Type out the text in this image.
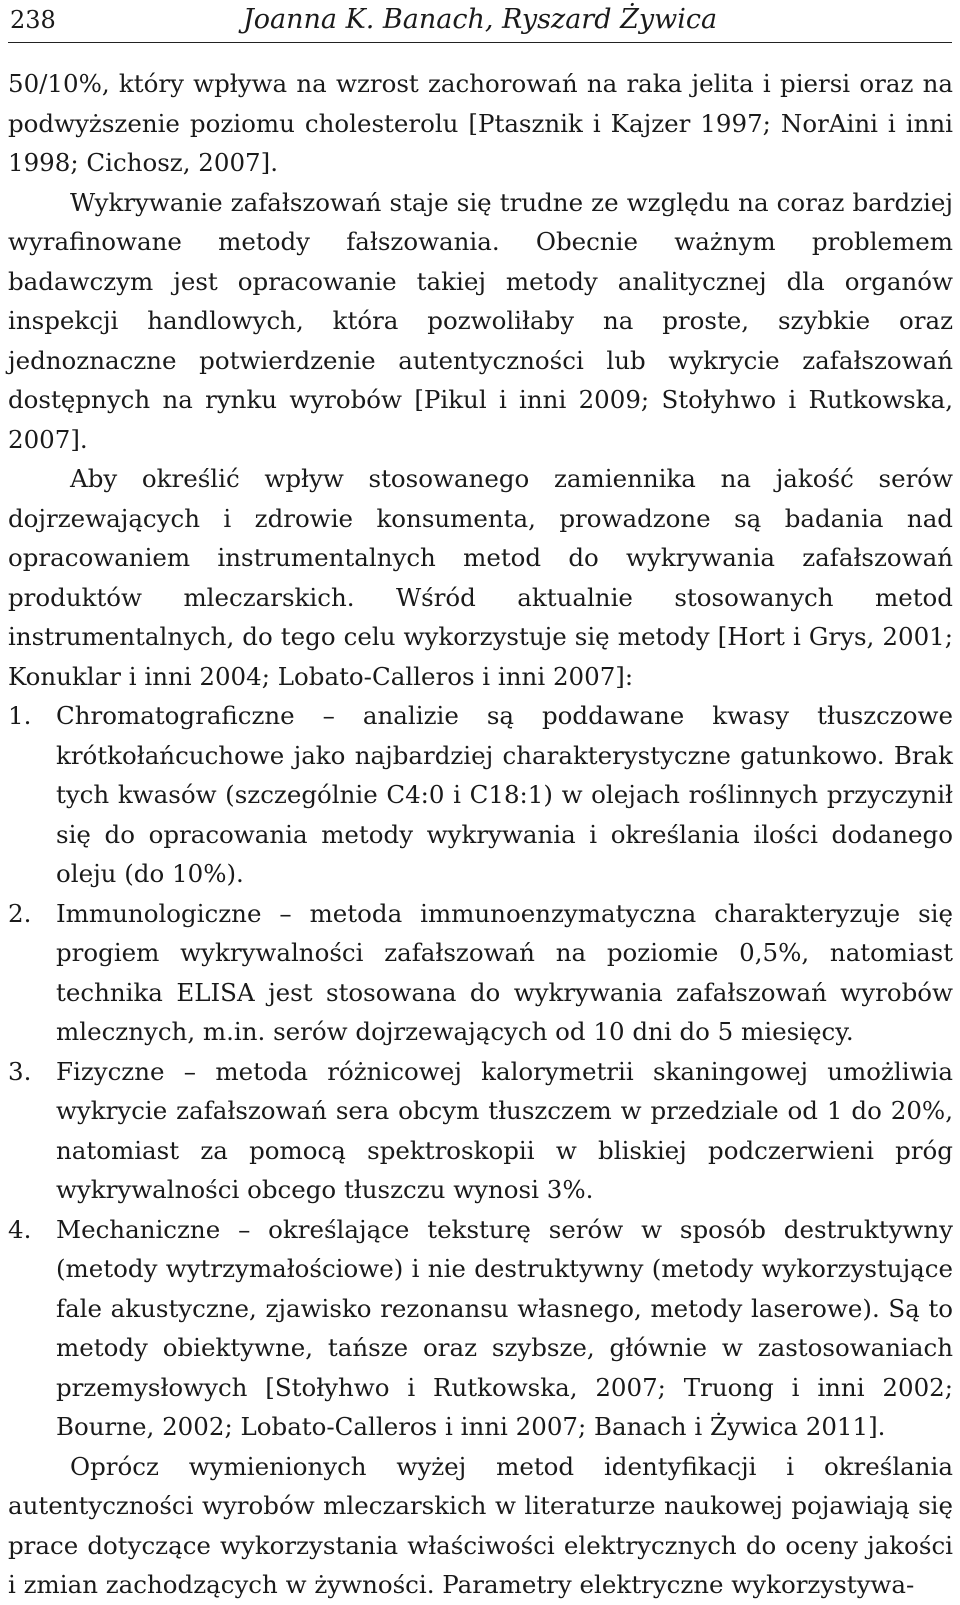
238	Joanna K. Banach, Ryszard Żywica

50/10%, który wpływa na wzrost zachorowań na raka jelita i piersi oraz na podwyższenie poziomu cholesterolu [Ptasznik i Kajzer 1997; NorAini i inni 1998; Cichosz, 2007].

Wykrywanie zafałszowań staje się trudne ze względu na coraz bardziej wyrafinowane metody fałszowania. Obecnie ważnym problemem badawczym jest opracowanie takiej metody analitycznej dla organów inspekcji handlowych, która pozwoliłaby na proste, szybkie oraz jednoznaczne potwierdzenie autentyczności lub wykrycie zafałszowań dostępnych na rynku wyrobów [Pikul i inni 2009; Stołyhwo i Rutkowska, 2007].

Aby określić wpływ stosowanego zamiennika na jakość serów dojrzewających i zdrowie konsumenta, prowadzone są badania nad opracowaniem instrumentalnych metod do wykrywania zafałszowań produktów mleczarskich. Wśród aktualnie stosowanych metod instrumentalnych, do tego celu wykorzystuje się metody [Hort i Grys, 2001; Konuklar i inni 2004; Lobato-Calleros i inni 2007]:

1. Chromatograficzne – analizie są poddawane kwasy tłuszczowe krótkołańcuchowe jako najbardziej charakterystyczne gatunkowo. Brak tych kwasów (szczególnie C4:0 i C18:1) w olejach roślinnych przyczynił się do opracowania metody wykrywania i określania ilości dodanego oleju (do 10%).
2. Immunologiczne – metoda immunoenzymatyczna charakteryzuje się progiem wykrywalności zafałszowań na poziomie 0,5%, natomiast technika ELISA jest stosowana do wykrywania zafałszowań wyrobów mlecznych, m.in. serów dojrzewających od 10 dni do 5 miesięcy.
3. Fizyczne – metoda różnicowej kalorymetrii skaningowej umożliwia wykrycie zafałszowań sera obcym tłuszczem w przedziale od 1 do 20%, natomiast za pomocą spektroskopii w bliskiej podczerwieni próg wykrywalności obcego tłuszczu wynosi 3%.
4. Mechaniczne – określające teksturę serów w sposób destruktywny (metody wytrzymałościowe) i nie destruktywny (metody wykorzystujące fale akustyczne, zjawisko rezonansu własnego, metody laserowe). Są to metody obiektywne, tańsze oraz szybsze, głównie w zastosowaniach przemysłowych [Stołyhwo i Rutkowska, 2007; Truong i inni 2002; Bourne, 2002; Lobato-Calleros i inni 2007; Banach i Żywica 2011].

Oprócz wymienionych wyżej metod identyfikacji i określania autentyczności wyrobów mleczarskich w literaturze naukowej pojawiają się prace dotyczące wykorzystania właściwości elektrycznych do oceny jakości i zmian zachodzących w żywności. Parametry elektryczne wykorzystywa-
